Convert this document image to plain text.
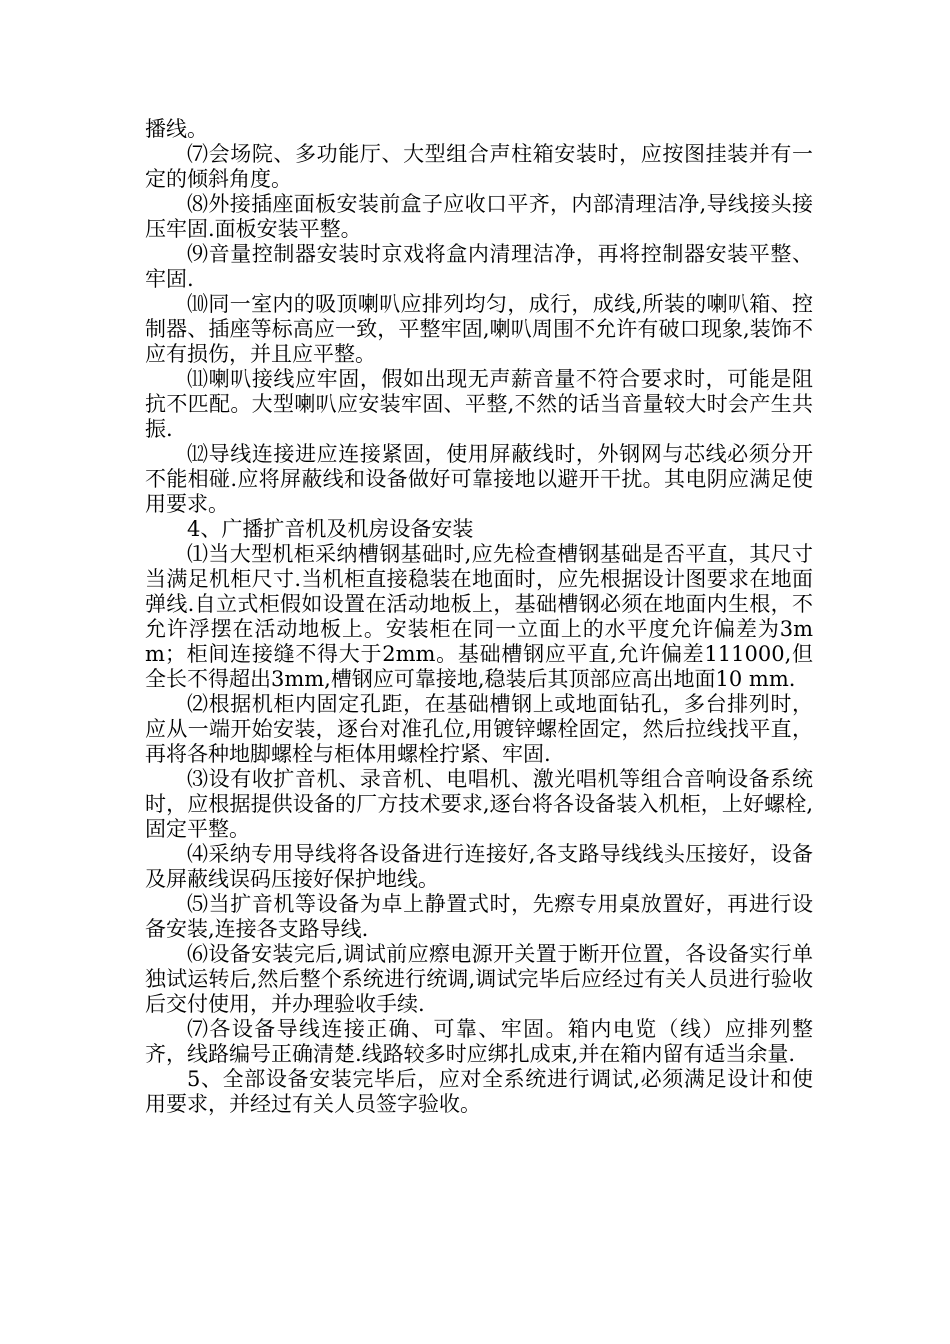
播线。

⑺会场院、多功能厅、大型组合声柱箱安装时，应按图挂装并有一定的倾斜角度。

⑻外接插座面板安装前盒子应收口平齐，内部清理洁净,导线接头接压牢固.面板安装平整。

⑼音量控制器安装时京戏将盒内清理洁净，再将控制器安装平整、牢固.

⑽同一室内的吸顶喇叭应排列均匀，成行，成线,所装的喇叭箱、控制器、插座等标高应一致，平整牢固,喇叭周围不允许有破口现象,装饰不应有损伤，并且应平整。

⑾喇叭接线应牢固，假如出现无声薪音量不符合要求时，可能是阻抗不匹配。大型喇叭应安装牢固、平整,不然的话当音量较大时会产生共振.

⑿导线连接进应连接紧固，使用屏蔽线时，外钢网与芯线必须分开不能相碰.应将屏蔽线和设备做好可靠接地以避开干扰。其电阴应满足使用要求。

4、广播扩音机及机房设备安装

⑴当大型机柜采纳槽钢基础时,应先检查槽钢基础是否平直，其尺寸当满足机柜尺寸.当机柜直接稳装在地面时，应先根据设计图要求在地面弹线.自立式柜假如设置在活动地板上，基础槽钢必须在地面内生根，不允许浮摆在活动地板上。安装柜在同一立面上的水平度允许偏差为3mm；柜间连接缝不得大于2mm。基础槽钢应平直,允许偏差111000,但全长不得超出3mm,槽钢应可靠接地,稳装后其顶部应高出地面10 mm.

⑵根据机柜内固定孔距，在基础槽钢上或地面钻孔，多台排列时，应从一端开始安装，逐台对准孔位,用镀锌螺栓固定，然后拉线找平直，再将各种地脚螺栓与柜体用螺栓拧紧、牢固.

⑶设有收扩音机、录音机、电唱机、激光唱机等组合音响设备系统时，应根据提供设备的厂方技术要求,逐台将各设备装入机柜，上好螺栓,固定平整。

⑷采纳专用导线将各设备进行连接好,各支路导线线头压接好，设备及屏蔽线误码压接好保护地线。

⑸当扩音机等设备为卓上静置式时，先瘵专用桌放置好，再进行设备安装,连接各支路导线.

⑹设备安装完后,调试前应瘵电源开关置于断开位置，各设备实行单独试运转后,然后整个系统进行统调,调试完毕后应经过有关人员进行验收后交付使用，并办理验收手续.

⑺各设备导线连接正确、可靠、牢固。箱内电览（线）应排列整齐，线路编号正确清楚.线路较多时应绑扎成束,并在箱内留有适当余量.

5、全部设备安装完毕后，应对全系统进行调试,必须满足设计和使用要求，并经过有关人员签字验收。
